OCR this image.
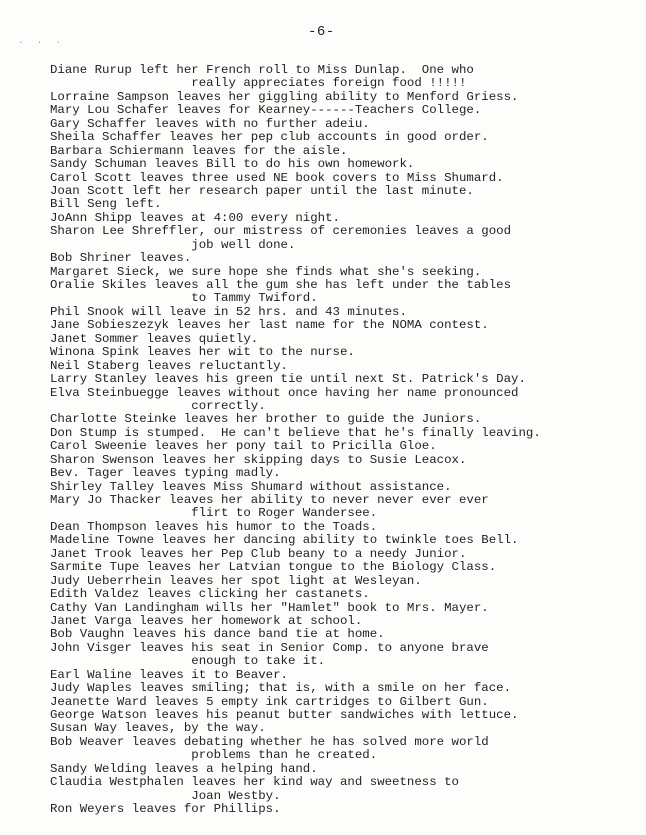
. . .
-6-
Diane Rurup left her French roll to Miss Dunlap.  One who
really appreciates foreign food !!!!!
Lorraine Sampson leaves her giggling ability to Menford Griess.
Mary Lou Schafer leaves for Kearney------Teachers College.
Gary Schaffer leaves with no further adeiu.
Sheila Schaffer leaves her pep club accounts in good order.
Barbara Schiermann leaves for the aisle.
Sandy Schuman leaves Bill to do his own homework.
Carol Scott leaves three used NE book covers to Miss Shumard.
Joan Scott left her research paper until the last minute.
Bill Seng left.
JoAnn Shipp leaves at 4:00 every night.
Sharon Lee Shreffler, our mistress of ceremonies leaves a good
job well done.
Bob Shriner leaves.
Margaret Sieck, we sure hope she finds what she's seeking.
Oralie Skiles leaves all the gum she has left under the tables
to Tammy Twiford.
Phil Snook will leave in 52 hrs. and 43 minutes.
Jane Sobieszezyk leaves her last name for the NOMA contest.
Janet Sommer leaves quietly.
Winona Spink leaves her wit to the nurse.
Neil Staberg leaves reluctantly.
Larry Stanley leaves his green tie until next St. Patrick's Day.
Elva Steinbuegge leaves without once having her name pronounced
correctly.
Charlotte Steinke leaves her brother to guide the Juniors.
Don Stump is stumped.  He can't believe that he's finally leaving.
Carol Sweenie leaves her pony tail to Pricilla Gloe.
Sharon Swenson leaves her skipping days to Susie Leacox.
Bev. Tager leaves typing madly.
Shirley Talley leaves Miss Shumard without assistance.
Mary Jo Thacker leaves her ability to never never ever ever
flirt to Roger Wandersee.
Dean Thompson leaves his humor to the Toads.
Madeline Towne leaves her dancing ability to twinkle toes Bell.
Janet Trook leaves her Pep Club beany to a needy Junior.
Sarmite Tupe leaves her Latvian tongue to the Biology Class.
Judy Ueberrhein leaves her spot light at Wesleyan.
Edith Valdez leaves clicking her castanets.
Cathy Van Landingham wills her "Hamlet" book to Mrs. Mayer.
Janet Varga leaves her homework at school.
Bob Vaughn leaves his dance band tie at home.
John Visger leaves his seat in Senior Comp. to anyone brave
enough to take it.
Earl Waline leaves it to Beaver.
Judy Waples leaves smiling; that is, with a smile on her face.
Jeanette Ward leaves 5 empty ink cartridges to Gilbert Gun.
George Watson leaves his peanut butter sandwiches with lettuce.
Susan Way leaves, by the way.
Bob Weaver leaves debating whether he has solved more world
problems than he created.
Sandy Welding leaves a helping hand.
Claudia Westphalen leaves her kind way and sweetness to
Joan Westby.
Ron Weyers leaves for Phillips.
